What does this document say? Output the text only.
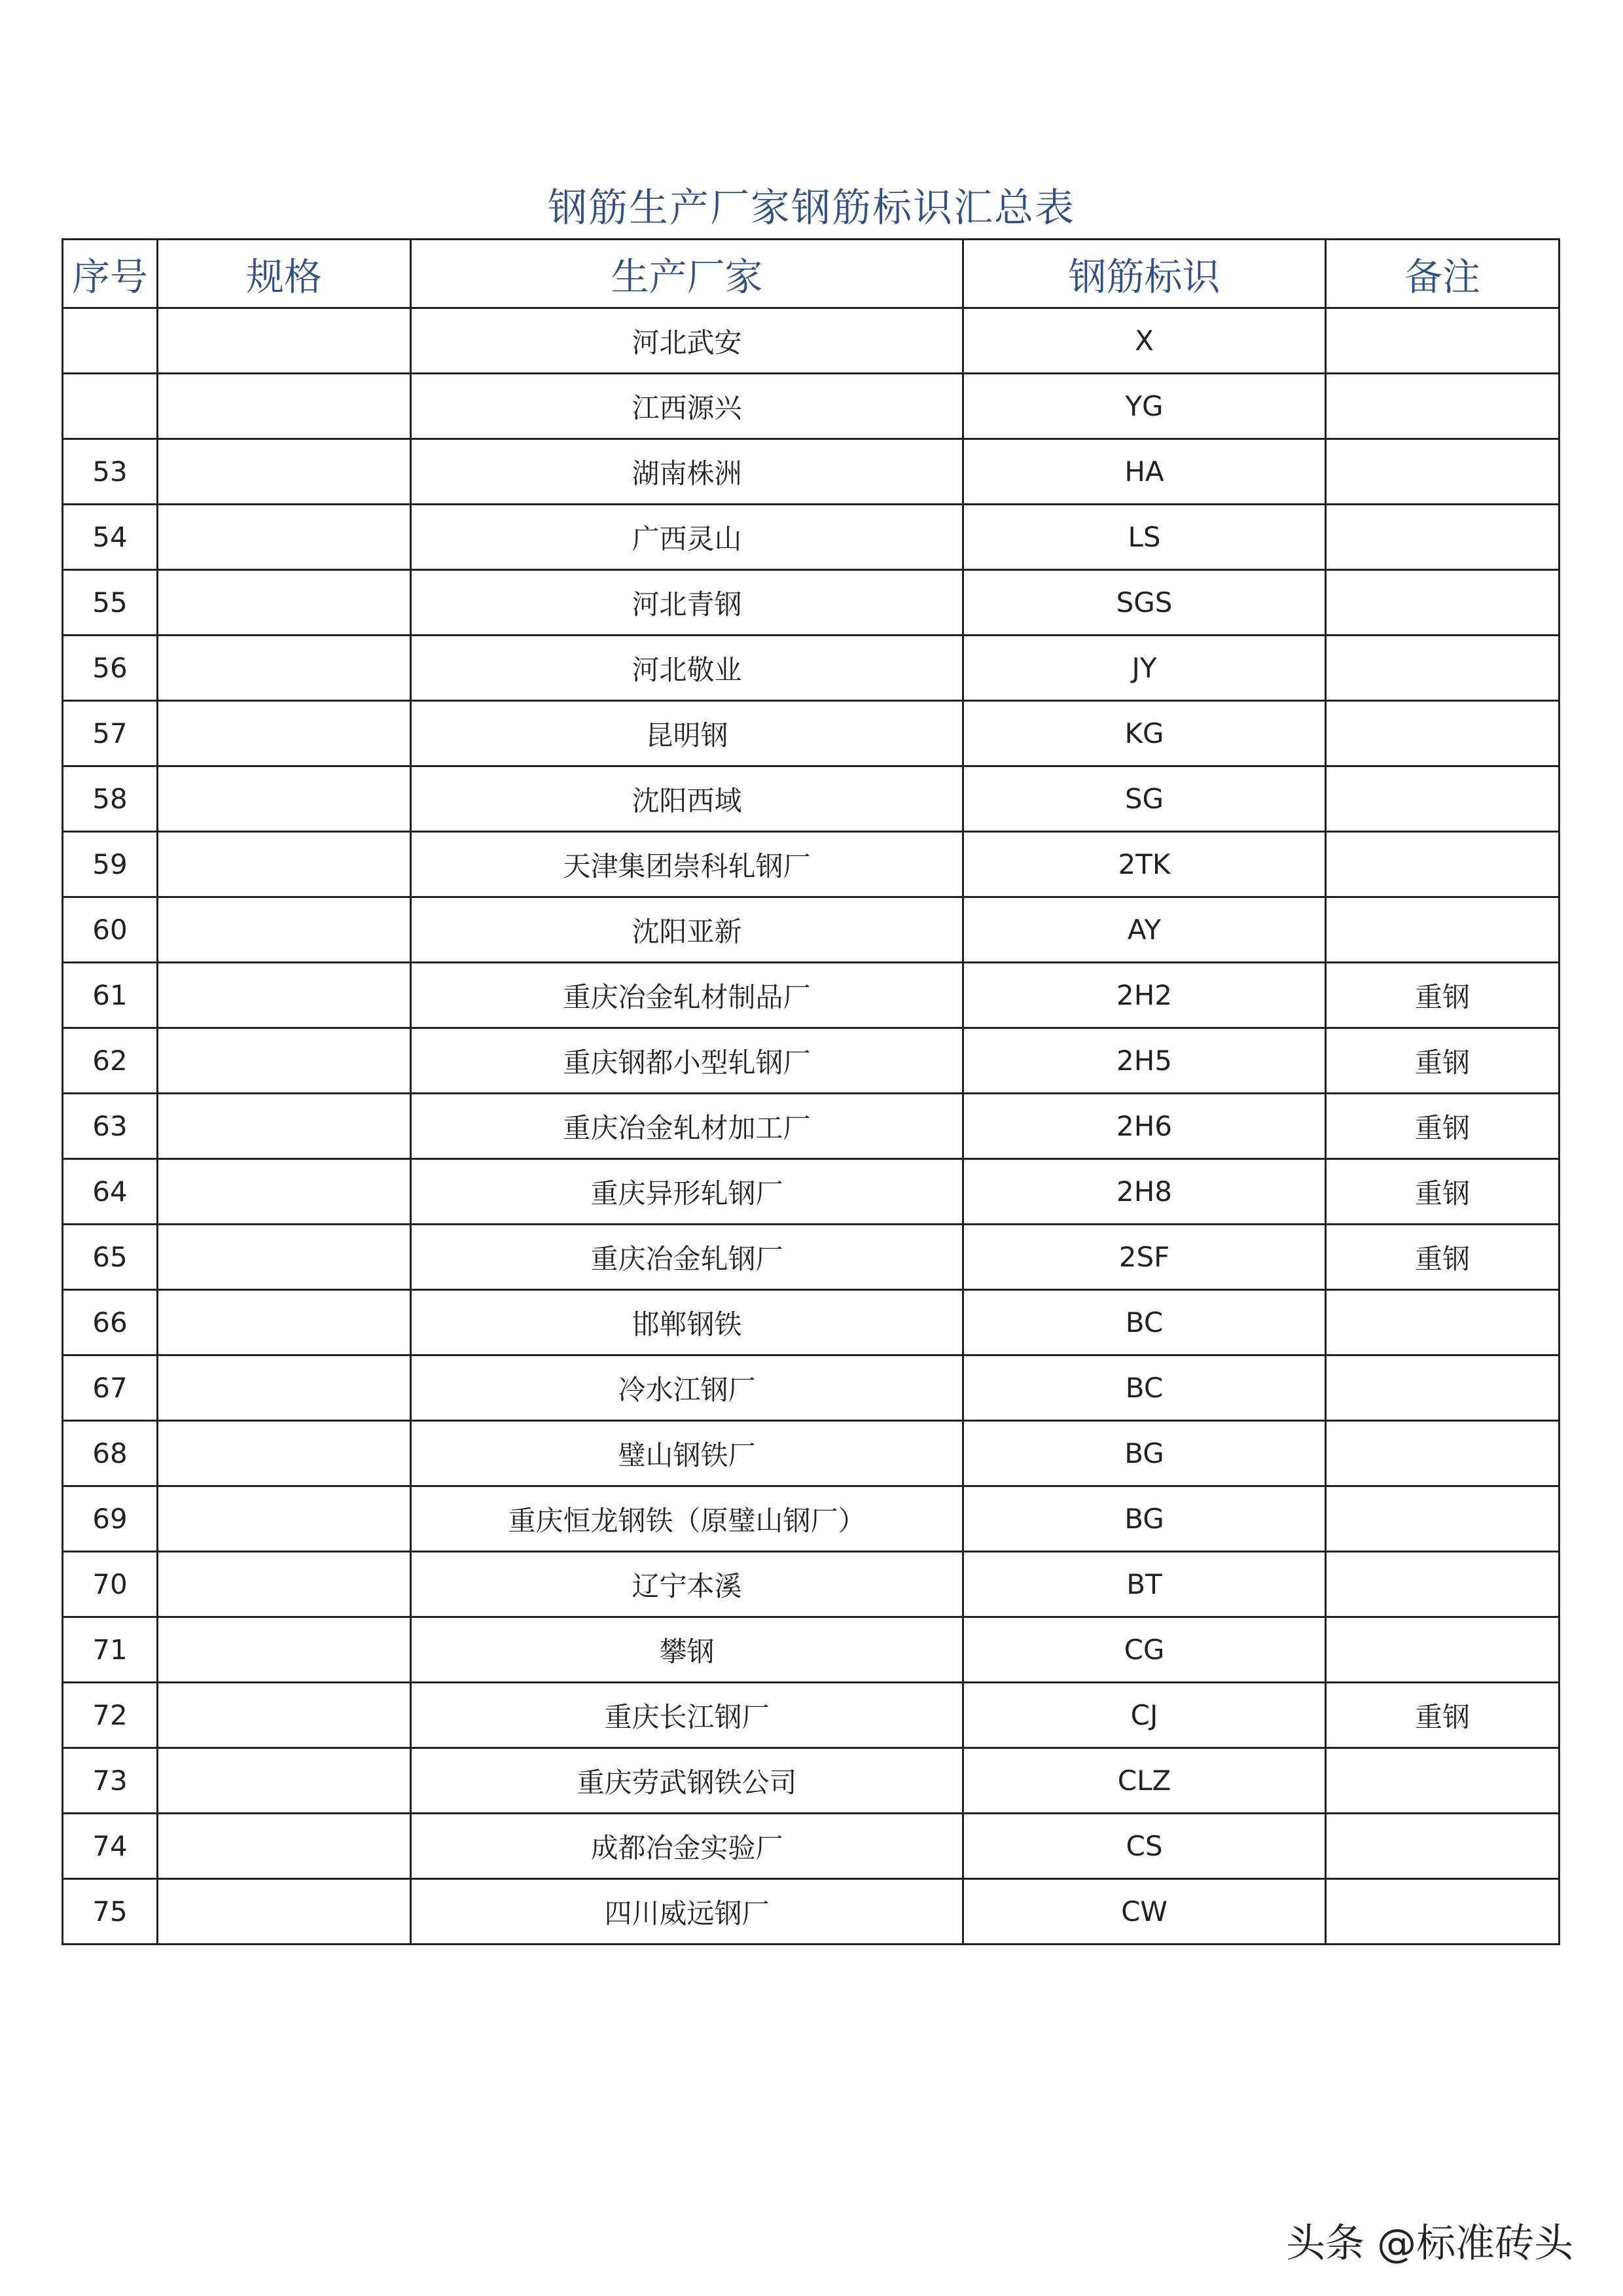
钢筋生产厂家钢筋标识汇总表
序号	规格	生产厂家	钢筋标识	备注
		河北武安	X	
		江西源兴	YG	
53		湖南株洲	HA	
54		广西灵山	LS	
55		河北青钢	SGS	
56		河北敬业	JY	
57		昆明钢	KG	
58		沈阳西域	SG	
59		天津集团崇科轧钢厂	2TK	
60		沈阳亚新	AY	
61		重庆冶金轧材制品厂	2H2	重钢
62		重庆钢都小型轧钢厂	2H5	重钢
63		重庆冶金轧材加工厂	2H6	重钢
64		重庆异形轧钢厂	2H8	重钢
65		重庆冶金轧钢厂	2SF	重钢
66		邯郸钢铁	BC	
67		冷水江钢厂	BC	
68		璧山钢铁厂	BG	
69		重庆恒龙钢铁（原璧山钢厂）	BG	
70		辽宁本溪	BT	
71		攀钢	CG	
72		重庆长江钢厂	CJ	重钢
73		重庆劳武钢铁公司	CLZ	
74		成都冶金实验厂	CS	
75		四川威远钢厂	CW	
头条 @标准砖头
